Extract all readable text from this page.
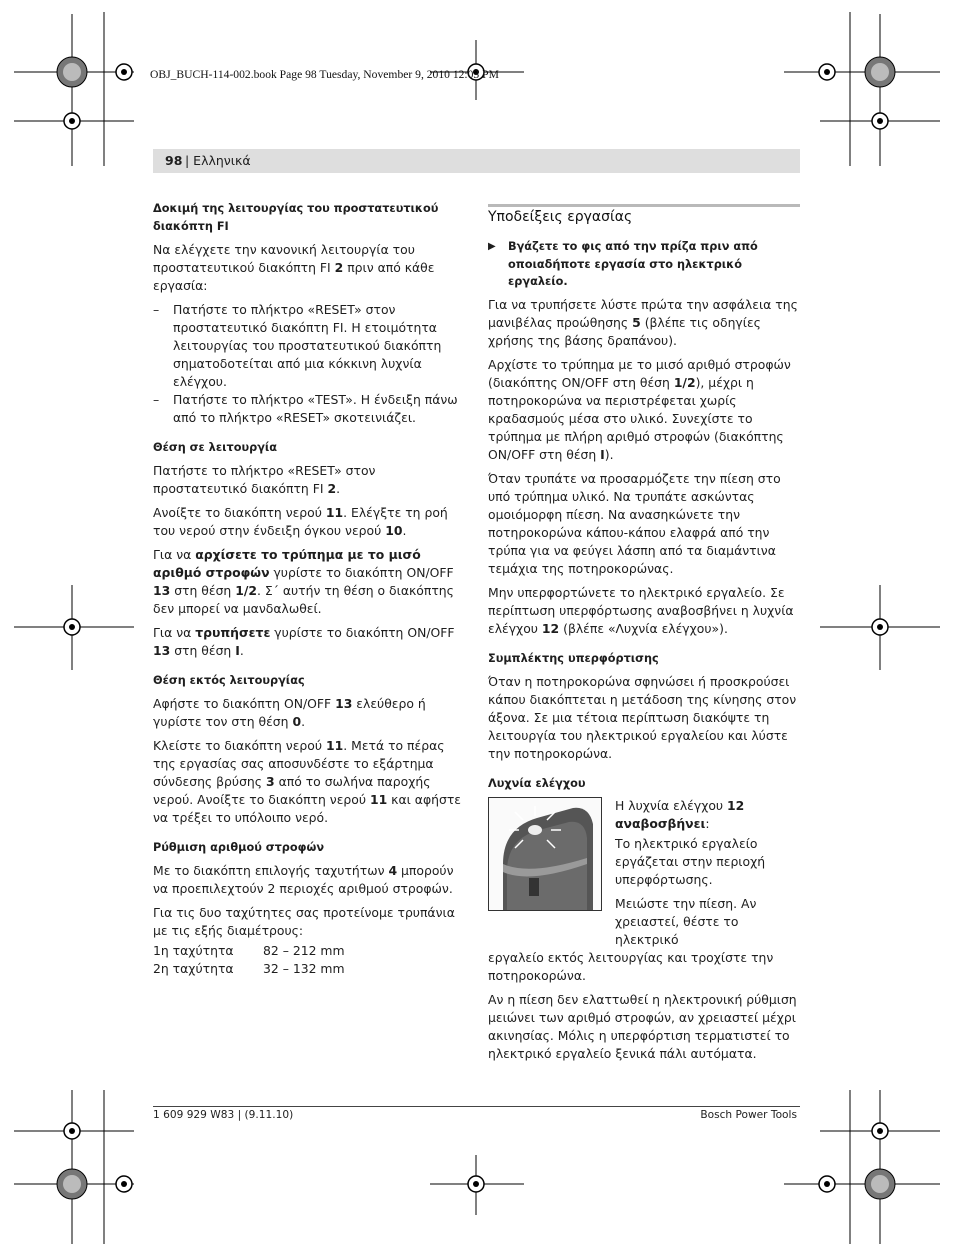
OBJ_BUCH-114-002.book Page 98 Tuesday, November 9, 2010 12:03 PM
98 | Ελληνικά
Δοκιμή της λειτουργίας του προστατευτικού διακόπτη FI

Να ελέγχετε την κανονική λειτουργία του προστατευτικού διακόπτη FI 2 πριν από κάθε εργασία:

–	Πατήστε το πλήκτρο «RESET» στον προστατευτικό διακόπτη FI. Η ετοιμότητα λειτουργίας του προστατευτικού διακόπτη σηματοδοτείται από μια κόκκινη λυχνία ελέγχου.
–	Πατήστε το πλήκτρο «TEST». Η ένδειξη πάνω από το πλήκτρο «RESET» σκοτεινιάζει.
Θέση σε λειτουργία

Πατήστε το πλήκτρο «RESET» στον προστατευτικό διακόπτη FI 2.

Ανοίξτε το διακόπτη νερού 11. Ελέγξτε τη ροή του νερού στην ένδειξη όγκου νερού 10.

Για να αρχίσετε το τρύπημα με το μισό αριθμό στροφών γυρίστε το διακόπτη ON/OFF 13 στη θέση 1/2. Σ΄ αυτήν τη θέση ο διακόπτης δεν μπορεί να μανδαλωθεί.

Για να τρυπήσετε γυρίστε το διακόπτη ON/OFF 13 στη θέση I.

Θέση εκτός λειτουργίας

Αφήστε το διακόπτη ON/OFF 13 ελεύθερο ή γυρίστε τον στη θέση 0.

Κλείστε το διακόπτη νερού 11. Μετά το πέρας της εργασίας σας αποσυνδέστε το εξάρτημα σύνδεσης βρύσης 3 από το σωλήνα παροχής νερού. Ανοίξτε το διακόπτη νερού 11 και αφήστε να τρέξει το υπόλοιπο νερό.

Ρύθμιση αριθμού στροφών

Με το διακόπτη επιλογής ταχυτήτων 4 μπορούν να προεπιλεχτούν 2 περιοχές αριθμού στροφών.

Για τις δυο ταχύτητες σας προτείνομε τρυπάνια με τις εξής διαμέτρους:

1η ταχύτητα	82 – 212 mm
2η ταχύτητα	32 – 132 mm
Υποδείξεις εργασίας
▶	Βγάζετε το φις από την πρίζα πριν από οποιαδήποτε εργασία στο ηλεκτρικό εργαλείο.

Για να τρυπήσετε λύστε πρώτα την ασφάλεια της μανιβέλας προώθησης 5 (βλέπε τις οδηγίες χρήσης της βάσης δραπάνου).

Αρχίστε το τρύπημα με το μισό αριθμό στροφών (διακόπτης ON/OFF στη θέση 1/2), μέχρι η ποτηροκορώνα να περιστρέφεται χωρίς κραδασμούς μέσα στο υλικό. Συνεχίστε το τρύπημα με πλήρη αριθμό στροφών (διακόπτης ON/OFF στη θέση I).

Όταν τρυπάτε να προσαρμόζετε την πίεση στο υπό τρύπημα υλικό. Να τρυπάτε ασκώντας ομοιόμορφη πίεση. Να ανασηκώνετε την ποτηροκορώνα κάπου-κάπου ελαφρά από την τρύπα για να φεύγει λάσπη από τα διαμάντινα τεμάχια της ποτηροκορώνας.

Μην υπερφορτώνετε το ηλεκτρικό εργαλείο. Σε περίπτωση υπερφόρτωσης αναβοσβήνει η λυχνία ελέγχου 12 (βλέπε «Λυχνία ελέγχου»).

Συμπλέκτης υπερφόρτισης

Όταν η ποτηροκορώνα σφηνώσει ή προσκρούσει κάπου διακόπτεται η μετάδοση της κίνησης στον άξονα. Σε μια τέτοια περίπτωση διακόψτε τη λειτουργία του ηλεκτρικού εργαλείου και λύστε την ποτηροκορώνα.

Λυχνία ελέγχου

Η λυχνία ελέγχου 12 αναβοσβήνει:

Το ηλεκτρικό εργαλείο εργάζεται στην περιοχή υπερφόρτωσης.

Μειώστε την πίεση. Αν χρειαστεί, θέστε το ηλεκτρικό

εργαλείο εκτός λειτουργίας και τροχίστε την ποτηροκορώνα.

Αν η πίεση δεν ελαττωθεί η ηλεκτρονική ρύθμιση μειώνει των αριθμό στροφών, αν χρειαστεί μέχρι ακινησίας. Μόλις η υπερφόρτιση τερματιστεί το ηλεκτρικό εργαλείο ξενικά πάλι αυτόματα.

1 609 929 W83 | (9.11.10)	Bosch Power Tools
